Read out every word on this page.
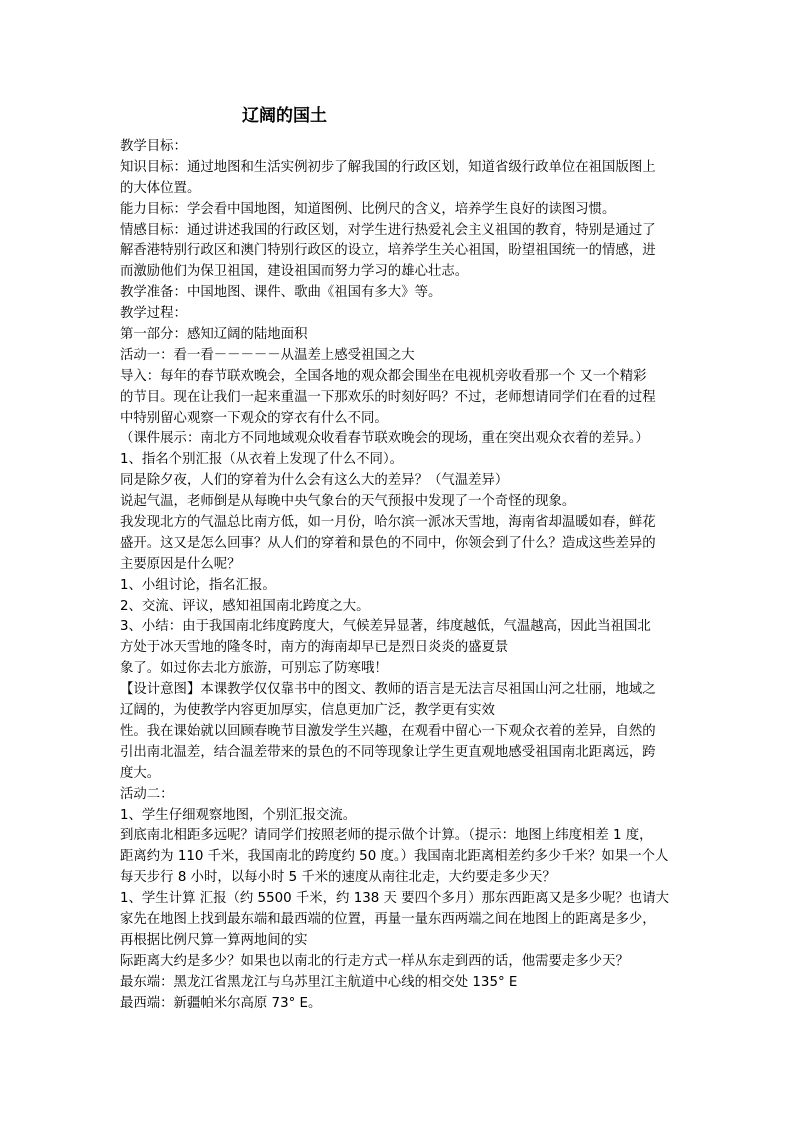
辽阔的国土
教学目标：
知识目标：通过地图和生活实例初步了解我国的行政区划，知道省级行政单位在祖国版图上
的大体位置。
能力目标：学会看中国地图，知道图例、比例尺的含义，培养学生良好的读图习惯。
情感目标：通过讲述我国的行政区划，对学生进行热爱礼会主义祖国的教育，特别是通过了
解香港特别行政区和澳门特别行政区的设立，培养学生关心祖国，盼望祖国统一的情感，进
而激励他们为保卫祖国，建设祖国而努力学习的雄心壮志。
教学准备：中国地图、课件、歌曲《祖国有多大》等。
教学过程：
第一部分：感知辽阔的陆地面积
活动一：看一看－－－－－从温差上感受祖国之大
导入：每年的春节联欢晚会，全国各地的观众都会围坐在电视机旁收看那一个 又一个精彩
的节目。现在让我们一起来重温一下那欢乐的时刻好吗？不过，老师想请同学们在看的过程
中特别留心观察一下观众的穿衣有什么不同。
（课件展示：南北方不同地域观众收看春节联欢晚会的现场，重在突出观众衣着的差异。）
1、指名个别汇报（从衣着上发现了什么不同）。
同是除夕夜，人们的穿着为什么会有这么大的差异？（气温差异）
说起气温，老师倒是从每晚中央气象台的天气预报中发现了一个奇怪的现象。
我发现北方的气温总比南方低，如一月份，哈尔滨一派冰天雪地，海南省却温暖如春，鲜花
盛开。这又是怎么回事？从人们的穿着和景色的不同中，你领会到了什么？造成这些差异的
主要原因是什么呢？
1、小组讨论，指名汇报。
2、交流、评议，感知祖国南北跨度之大。
3、小结：由于我国南北纬度跨度大，气候差异显著，纬度越低，气温越高，因此当祖国北
方处于冰天雪地的隆冬时，南方的海南却早已是烈日炎炎的盛夏景
象了。如过你去北方旅游，可别忘了防寒哦！
【设计意图】本课教学仅仅靠书中的图文、教师的语言是无法言尽祖国山河之壮丽，地域之
辽阔的，为使教学内容更加厚实，信息更加广泛，教学更有实效
性。我在课始就以回顾春晚节目激发学生兴趣，在观看中留心一下观众衣着的差异，自然的
引出南北温差，结合温差带来的景色的不同等现象让学生更直观地感受祖国南北距离远，跨
度大。
活动二：
1、学生仔细观察地图，个别汇报交流。
到底南北相距多远呢？请同学们按照老师的提示做个计算。（提示：地图上纬度相差 1 度，
距离约为 110 千米，我国南北的跨度约 50 度。）我国南北距离相差约多少千米？如果一个人
每天步行 8 小时，以每小时 5 千米的速度从南往北走，大约要走多少天？
1、学生计算 汇报（约 5500 千米，约 138 天 要四个多月）那东西距离又是多少呢？也请大
家先在地图上找到最东端和最西端的位置，再量一量东西两端之间在地图上的距离是多少，
再根据比例尺算一算两地间的实
际距离大约是多少？如果也以南北的行走方式一样从东走到西的话，他需要走多少天？
最东端：黑龙江省黑龙江与乌苏里江主航道中心线的相交处 135° E
最西端：新疆帕米尔高原 73° E。
